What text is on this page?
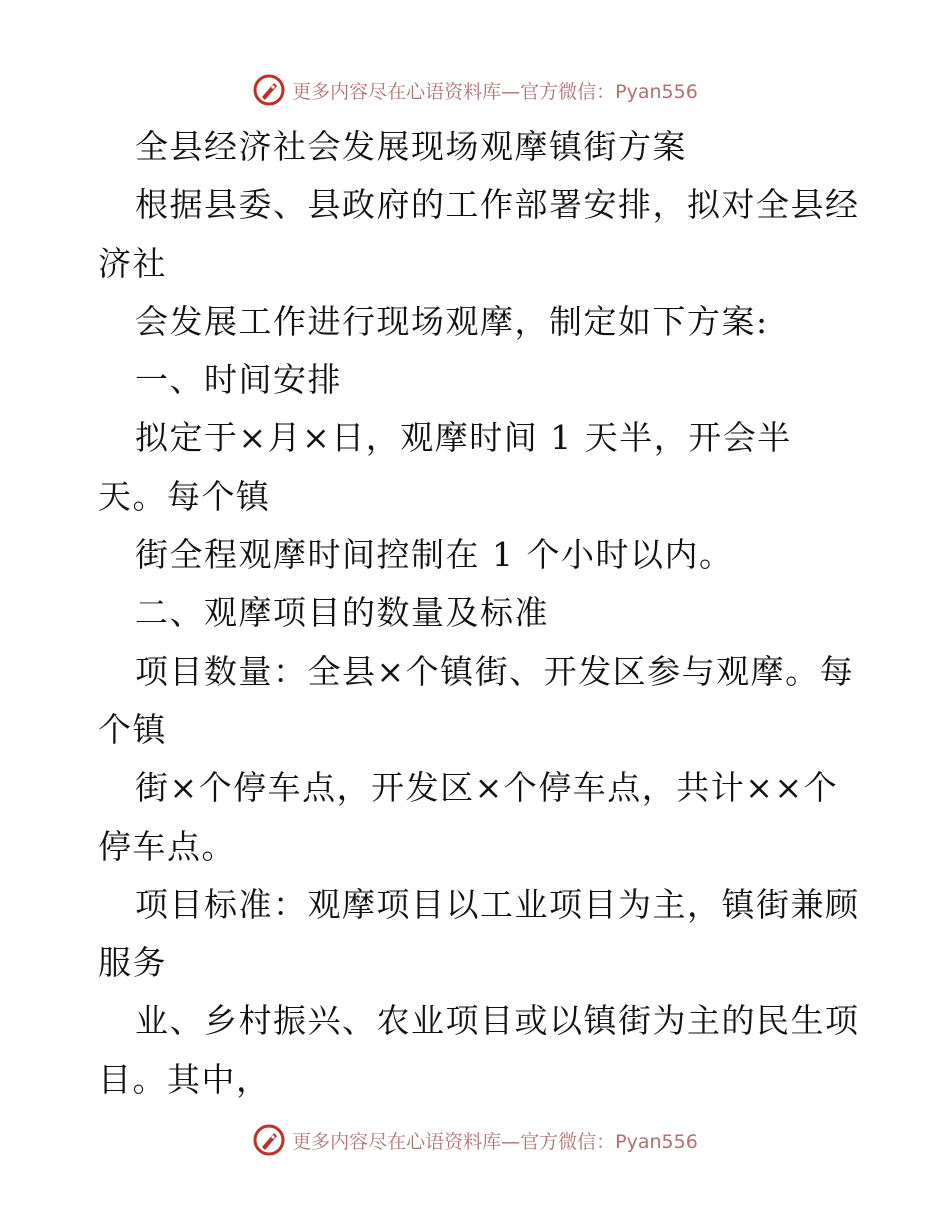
更多内容尽在心语资料库—官方微信：Pyan556
全县经济社会发展现场观摩镇街方案
根据县委、县政府的工作部署安排，拟对全县经
济社
会发展工作进行现场观摩，制定如下方案:
一、时间安排
拟定于×月×日，观摩时间 1 天半，开会半
天。每个镇
街全程观摩时间控制在 1 个小时以内。
二、观摩项目的数量及标准
项目数量：全县×个镇街、开发区参与观摩。每
个镇
街×个停车点，开发区×个停车点，共计××个
停车点。
项目标准：观摩项目以工业项目为主，镇街兼顾
服务
业、乡村振兴、农业项目或以镇街为主的民生项
目。其中，
更多内容尽在心语资料库—官方微信：Pyan556
